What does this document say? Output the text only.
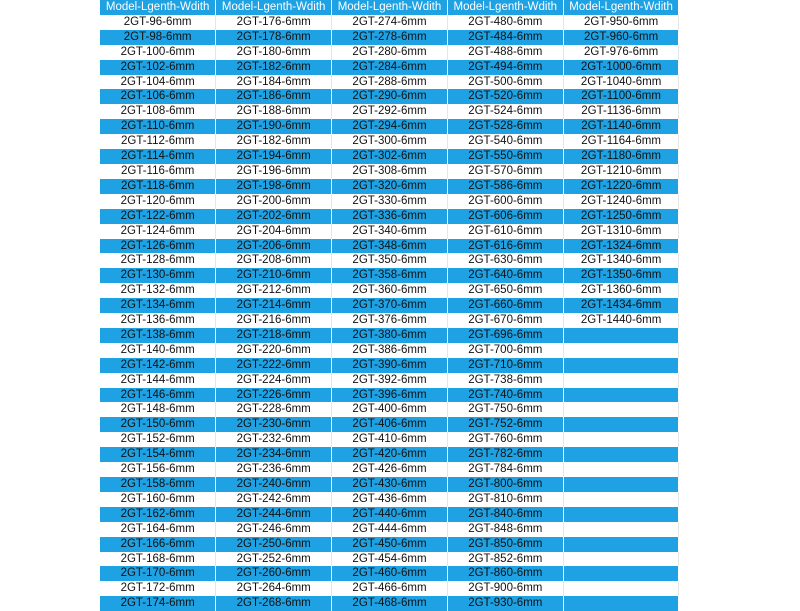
Model-Lgenth-Wdith	Model-Lgenth-Wdith	Model-Lgenth-Wdith	Model-Lgenth-Wdith	Model-Lgenth-Wdith
2GT-96-6mm	2GT-176-6mm	2GT-274-6mm	2GT-480-6mm	2GT-950-6mm
2GT-98-6mm	2GT-178-6mm	2GT-278-6mm	2GT-484-6mm	2GT-960-6mm
2GT-100-6mm	2GT-180-6mm	2GT-280-6mm	2GT-488-6mm	2GT-976-6mm
2GT-102-6mm	2GT-182-6mm	2GT-284-6mm	2GT-494-6mm	2GT-1000-6mm
2GT-104-6mm	2GT-184-6mm	2GT-288-6mm	2GT-500-6mm	2GT-1040-6mm
2GT-106-6mm	2GT-186-6mm	2GT-290-6mm	2GT-520-6mm	2GT-1100-6mm
2GT-108-6mm	2GT-188-6mm	2GT-292-6mm	2GT-524-6mm	2GT-1136-6mm
2GT-110-6mm	2GT-190-6mm	2GT-294-6mm	2GT-528-6mm	2GT-1140-6mm
2GT-112-6mm	2GT-182-6mm	2GT-300-6mm	2GT-540-6mm	2GT-1164-6mm
2GT-114-6mm	2GT-194-6mm	2GT-302-6mm	2GT-550-6mm	2GT-1180-6mm
2GT-116-6mm	2GT-196-6mm	2GT-308-6mm	2GT-570-6mm	2GT-1210-6mm
2GT-118-6mm	2GT-198-6mm	2GT-320-6mm	2GT-586-6mm	2GT-1220-6mm
2GT-120-6mm	2GT-200-6mm	2GT-330-6mm	2GT-600-6mm	2GT-1240-6mm
2GT-122-6mm	2GT-202-6mm	2GT-336-6mm	2GT-606-6mm	2GT-1250-6mm
2GT-124-6mm	2GT-204-6mm	2GT-340-6mm	2GT-610-6mm	2GT-1310-6mm
2GT-126-6mm	2GT-206-6mm	2GT-348-6mm	2GT-616-6mm	2GT-1324-6mm
2GT-128-6mm	2GT-208-6mm	2GT-350-6mm	2GT-630-6mm	2GT-1340-6mm
2GT-130-6mm	2GT-210-6mm	2GT-358-6mm	2GT-640-6mm	2GT-1350-6mm
2GT-132-6mm	2GT-212-6mm	2GT-360-6mm	2GT-650-6mm	2GT-1360-6mm
2GT-134-6mm	2GT-214-6mm	2GT-370-6mm	2GT-660-6mm	2GT-1434-6mm
2GT-136-6mm	2GT-216-6mm	2GT-376-6mm	2GT-670-6mm	2GT-1440-6mm
2GT-138-6mm	2GT-218-6mm	2GT-380-6mm	2GT-696-6mm	
2GT-140-6mm	2GT-220-6mm	2GT-386-6mm	2GT-700-6mm	
2GT-142-6mm	2GT-222-6mm	2GT-390-6mm	2GT-710-6mm	
2GT-144-6mm	2GT-224-6mm	2GT-392-6mm	2GT-738-6mm	
2GT-146-6mm	2GT-226-6mm	2GT-396-6mm	2GT-740-6mm	
2GT-148-6mm	2GT-228-6mm	2GT-400-6mm	2GT-750-6mm	
2GT-150-6mm	2GT-230-6mm	2GT-406-6mm	2GT-752-6mm	
2GT-152-6mm	2GT-232-6mm	2GT-410-6mm	2GT-760-6mm	
2GT-154-6mm	2GT-234-6mm	2GT-420-6mm	2GT-782-6mm	
2GT-156-6mm	2GT-236-6mm	2GT-426-6mm	2GT-784-6mm	
2GT-158-6mm	2GT-240-6mm	2GT-430-6mm	2GT-800-6mm	
2GT-160-6mm	2GT-242-6mm	2GT-436-6mm	2GT-810-6mm	
2GT-162-6mm	2GT-244-6mm	2GT-440-6mm	2GT-840-6mm	
2GT-164-6mm	2GT-246-6mm	2GT-444-6mm	2GT-848-6mm	
2GT-166-6mm	2GT-250-6mm	2GT-450-6mm	2GT-850-6mm	
2GT-168-6mm	2GT-252-6mm	2GT-454-6mm	2GT-852-6mm	
2GT-170-6mm	2GT-260-6mm	2GT-460-6mm	2GT-860-6mm	
2GT-172-6mm	2GT-264-6mm	2GT-466-6mm	2GT-900-6mm	
2GT-174-6mm	2GT-268-6mm	2GT-468-6mm	2GT-930-6mm	
